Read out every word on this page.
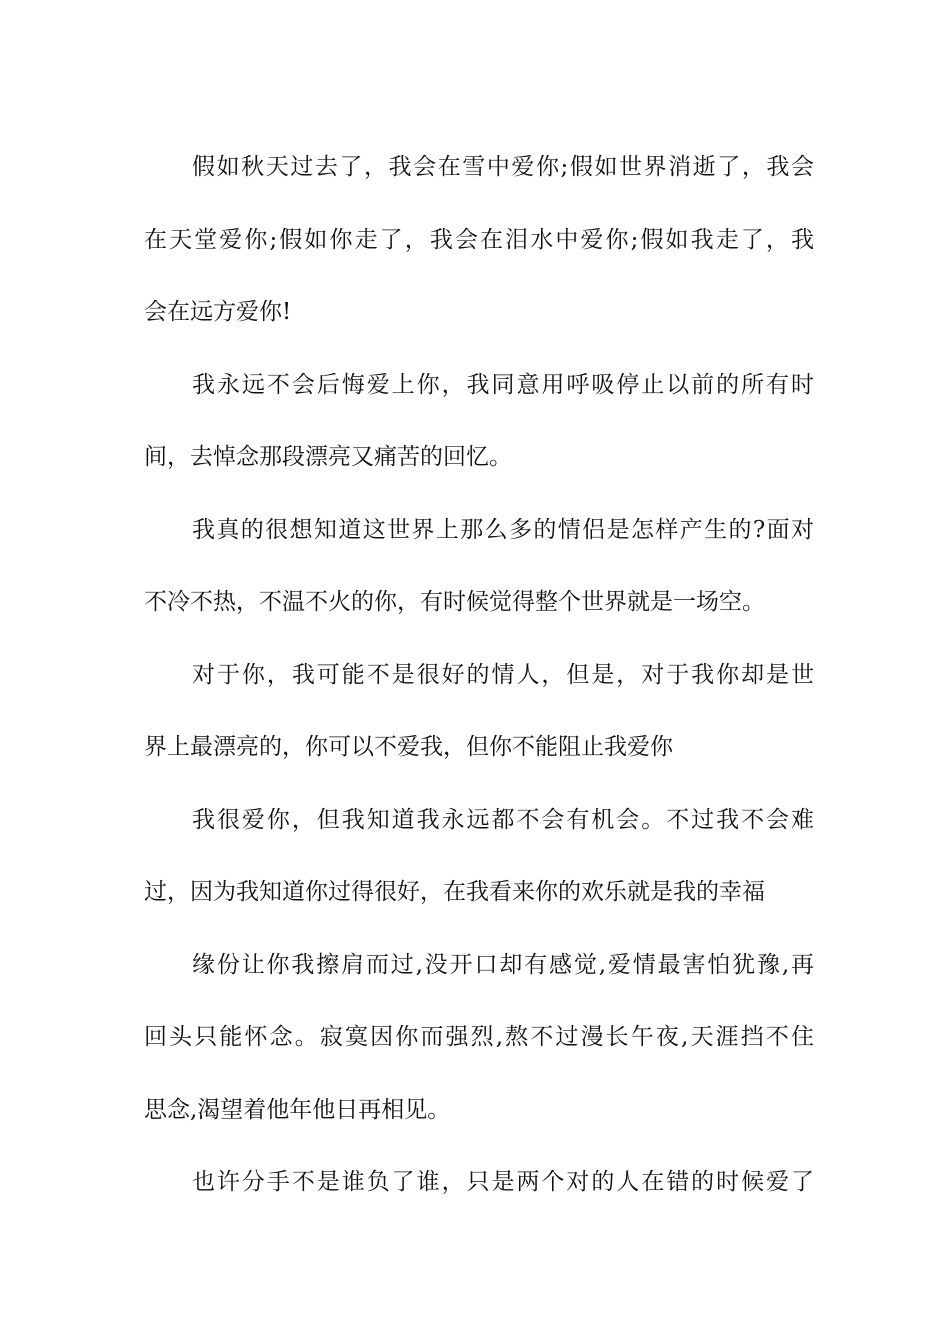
假如秋天过去了，我会在雪中爱你;假如世界消逝了，我会
在天堂爱你;假如你走了，我会在泪水中爱你;假如我走了，我
会在远方爱你!
我永远不会后悔爱上你，我同意用呼吸停止以前的所有时
间，去悼念那段漂亮又痛苦的回忆。
我真的很想知道这世界上那么多的情侣是怎样产生的?面对
不冷不热，不温不火的你，有时候觉得整个世界就是一场空。
对于你，我可能不是很好的情人，但是，对于我你却是世
界上最漂亮的，你可以不爱我，但你不能阻止我爱你
我很爱你，但我知道我永远都不会有机会。不过我不会难
过，因为我知道你过得很好，在我看来你的欢乐就是我的幸福
缘份让你我擦肩而过,没开口却有感觉,爱情最害怕犹豫,再
回头只能怀念。寂寞因你而强烈,熬不过漫长午夜,天涯挡不住
思念,渴望着他年他日再相见。
也许分手不是谁负了谁，只是两个对的人在错的时候爱了
